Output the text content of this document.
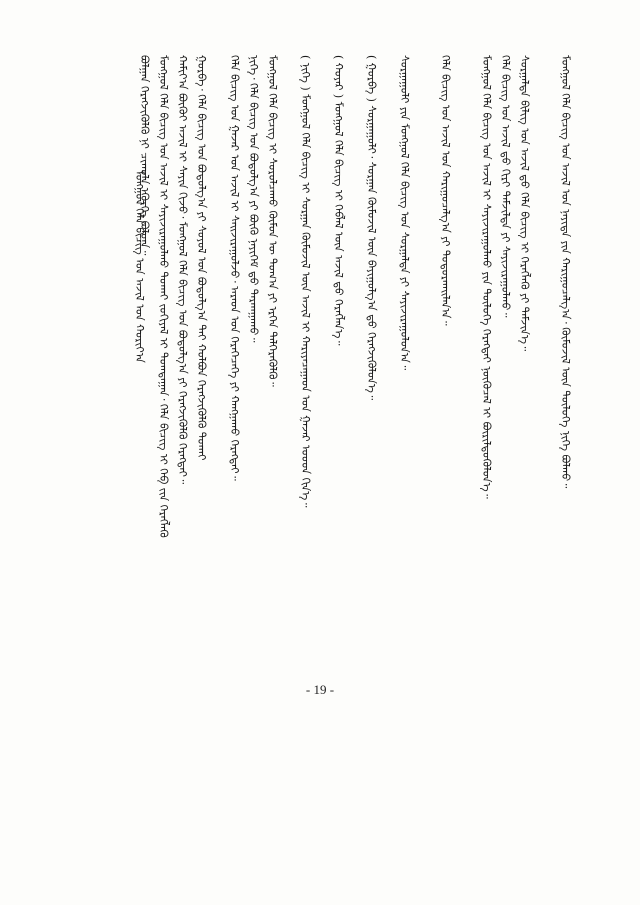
ᠪᠣᠯᠭᠠᠨ ᠬᠡᠷᠡᠭᠵᠢᠭᠦᠯᠬᠦ ᠨᠢ ᠴᠢᠬᠤᠯᠠ ᠡᠭᠦᠷᠭᠡ ᠪᠣᠯᠤᠨᠠ᠃ ᠮᠣᠩᠭᠣᠯ ᠬᠡᠯᠡ ᠪᠢᠴᠢᠭ ᠤᠨ ᠠᠵᠢᠯ ᠢ ᠰᠠᠶᠢᠵᠢᠷᠠᠭᠤᠯᠬᠤ ᠲᠤᠬᠠᠢ ᠵᠣᠬᠢᠶᠠᠯ ᠢ ᠲᠣᠭᠲᠠᠭᠠᠨ᠂ ᠬᠡᠯᠡ ᠪᠢᠴᠢᠭ ᠢ ᠬᠡᠪ ᠵᠢᠨ ᠬᠡᠷᠡᠭᠯᠡᠬᠦ ᠬᠠᠮᠢᠶ᠎ᠠ ᠪᠦᠬᠦᠢ ᠠᠵᠢᠯ ᠢ ᠰᠠᠶᠢᠨ ᠬᠢᠵᠦ᠂ ᠮᠣᠩᠭᠣᠯ ᠬᠡᠯᠡ ᠪᠢᠴᠢᠭ ᠤᠨ ᠪᠣᠳᠣᠯᠭ᠎ᠠ ᠶᠢ ᠬᠡᠷᠡᠭᠵᠢᠭᠦᠯᠬᠦ ᠬᠡᠷᠡᠭᠲᠡᠢ᠃ ᠭᠤᠷᠪᠠ᠂ ᠬᠡᠯᠡ ᠪᠢᠴᠢᠭ ᠤᠨ ᠪᠣᠳᠣᠯᠭ᠎ᠠ ᠶᠢ ᠰᠣᠶᠣᠯ ᠤᠨ ᠪᠣᠳᠣᠯᠭ᠎ᠠ ᠲᠠᠢ ᠬᠣᠯᠪᠣᠨ ᠬᠡᠷᠡᠭᠵᠢᠭᠦᠯᠬᠦ ᠲᠤᠬᠠᠢ	ᠬᠡᠯᠡ ᠪᠢᠴᠢᠭ ᠤᠨ ᠭᠠᠵᠠᠷ ᠤᠨ ᠠᠵᠢᠯ ᠢ ᠰᠠᠢᠵᠢᠷᠠᠭᠤᠯᠵᠤ᠂ ᠠᠷᠠᠳ ᠤᠨ ᠬᠡᠷᠡᠭᠡᠴᠡᠭᠡ ᠶᠢ ᠬᠠᠩᠭᠠᠬᠤ ᠬᠡᠷᠡᠭᠲᠡᠢ᠃ ᠨᠢᠭᠡ᠂ ᠬᠡᠯᠡ ᠪᠢᠴᠢᠭ ᠤᠨ ᠪᠣᠳᠣᠯᠭ᠎ᠠ ᠶᠢ ᠪᠦᠬᠦ ᠨᠡᠶᠢᠭᠡᠮ ᠳ᠋ᠤ ᠲᠠᠷᠬᠠᠭᠠᠬᠤ᠃ ᠮᠣᠩᠭᠣᠯ ᠬᠡᠯᠡ ᠪᠢᠴᠢᠭ ᠢ ᠰᠤᠷᠤᠯᠴᠠᠬᠤ ᠬᠦᠮᠦᠨ ᠦ ᠲᠣᠭ᠎ᠠ ᠶᠢ ᠡᠷᠭᠡᠨ ᠲᠡᠯᠭᠡᠷᠡᠭᠦᠯᠬᠦ᠃	( ᠨᠢᠭᠡ ) ᠮᠣᠩᠭᠣᠯ ᠬᠡᠯᠡ ᠪᠢᠴᠢᠭ ᠢ ᠰᠤᠷᠭᠠᠨ ᠬᠦᠮᠦᠵᠢᠯ ᠦᠨ ᠠᠵᠢᠯ ᠢ ᠬᠠᠷᠢᠶᠠᠴᠠᠭᠠᠳ ᠤᠨ ᠭᠠᠵᠠᠷ ᠤᠤᠳ ᠬᠢᠨ᠎ᠡ᠃	( ᠬᠣᠶᠠᠷ ) ᠮᠣᠩᠭᠣᠯ ᠬᠡᠯᠡ ᠪᠢᠴᠢᠭ ᠢ ᠬᠡᠪᠯᠡᠯ ᠦᠨ ᠠᠵᠢᠯ ᠳ᠋ᠤ ᠬᠡᠷᠡᠭᠯᠡᠨ᠎ᠡ᠃	( ᠭᠤᠷᠪᠠ ) ᠰᠤᠷᠭᠠᠭᠤᠯᠢ᠂ ᠰᠤᠷᠭᠠᠨ ᠬᠦᠮᠦᠵᠢᠯ ᠦᠨ ᠪᠠᠶᠢᠭᠤᠯᠭ᠎ᠠ ᠳ᠋ᠤ ᠬᠡᠷᠡᠭᠵᠢᠭᠦᠯᠦᠨ᠎ᠡ᠃	ᠰᠤᠷᠭᠠᠭᠤᠯᠢ ᠶᠢᠨ ᠮᠣᠩᠭᠣᠯ ᠬᠡᠯᠡ ᠪᠢᠴᠢᠭ ᠤᠨ ᠰᠤᠷᠭᠠᠯᠲᠠ ᠶᠢ ᠰᠠᠶᠢᠵᠢᠷᠠᠭᠤᠯᠤᠨ᠎ᠠ᠃	ᠬᠡᠯᠡ ᠪᠢᠴᠢᠭ ᠤᠨ ᠠᠵᠢᠯ ᠤᠨ ᠬᠠᠷᠢᠭᠤᠴᠠᠯᠭ᠎ᠠ ᠶᠢ ᠲᠣᠳᠣᠷᠬᠠᠢᠯᠠᠨ᠎ᠠ᠃	ᠮᠣᠩᠭᠣᠯ ᠬᠡᠯᠡ ᠪᠢᠴᠢᠭ ᠤᠨ ᠠᠵᠢᠯ ᠢ ᠰᠠᠶᠢᠵᠢᠷᠠᠭᠤᠯᠬᠤ ᠶᠢᠨ ᠲᠥᠯᠥᠭᠡ ᠬᠡᠷᠡᠭᠲᠡᠢ ᠨᠥᠬᠥᠴᠡᠯ ᠢ ᠪᠦᠷᠢᠯᠳᠦᠭᠦᠯᠦᠨ᠎ᠡ᠃ ᠬᠡᠯᠡ ᠪᠢᠴᠢᠭ ᠤᠨ ᠠᠵᠢᠯ ᠳ᠋ᠤ ᠬᠢᠷᠢ ᠳᠠᠮᠵᠢᠯᠲᠠ ᠶᠢ ᠰᠠᠶᠢᠵᠢᠷᠠᠭᠤᠯᠬᠤ᠃ ᠰᠤᠷᠭᠠᠯᠲᠠ ᠪᠢᠯᠢᠭ ᠤᠨ ᠠᠵᠢᠯ ᠳ᠋ᠤ ᠬᠡᠯᠡ ᠪᠢᠴᠢᠭ ᠢ ᠬᠡᠷᠡᠭᠯᠡᠬᠦ ᠶᠢ ᠳᠡᠮᠵᠢᠨ᠎ᠡ᠃	ᠮᠣᠩᠭᠣᠯ ᠬᠡᠯᠡ ᠪᠢᠴᠢᠭ ᠤᠨ ᠠᠵᠢᠯ ᠤᠨ ᠨᠡᠶᠢᠲᠡ ᠶᠢᠨ ᠬᠠᠷᠢᠭᠤᠴᠠᠯᠭ᠎ᠠ᠂ ᠬᠦᠮᠦᠵᠢᠯ ᠦᠨ ᠲᠥᠯᠥᠭᠡ ᠨᠢᠭᠡ ᠪᠣᠯᠬᠤ᠃
ᠮᠣᠩᠭᠣᠯ ᠬᠡᠯᠡ ᠪᠢᠴᠢᠭ ᠤᠨ ᠠᠵᠢᠯ ᠤᠨ ᠬᠣᠷᠢᠶ᠎ᠠ
- 19 -
